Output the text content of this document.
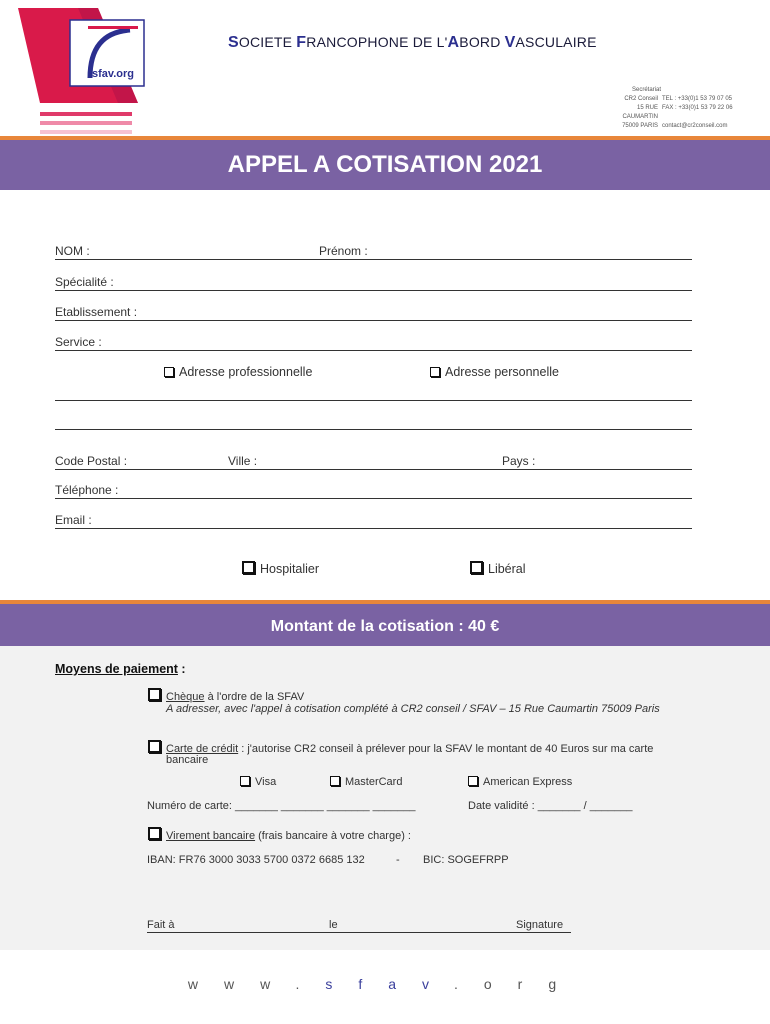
sfav.org
SOCIETE FRANCOPHONE DE L'ABORD VASCULAIRE
Secrétariat
CR2 Conseil TEL : +33(0)1 53 79 07 05
15 RUE CAUMARTIN
FAX : +33(0)1 53 79 22 06
75009 PARIS contact@cr2conseil.com
APPEL A COTISATION 2021
NOM :	Prénom :
Spécialité :
Etablissement :
Service :
Adresse professionnelle	Adresse personnelle
Code Postal :	Ville :	Pays :
Téléphone :
Email :
Hospitalier	Libéral
Montant de la cotisation : 40 €
Moyens de paiement :
Chèque à l'ordre de la SFAV
A adresser, avec l'appel à cotisation complété à CR2 conseil / SFAV – 15 Rue Caumartin 75009 Paris
Carte de crédit : j'autorise CR2 conseil à prélever pour la SFAV le montant de 40 Euros sur ma carte
bancaire
Visa	MasterCard	American Express
Numéro de carte: _______ _______ _______ _______	Date validité : _______ / _______
Virement bancaire (frais bancaire à votre charge) :
IBAN: FR76 3000 3033 5700 0372 6685 132	- BIC: SOGEFRPP
Fait à	le	Signature
www.sfav.org
